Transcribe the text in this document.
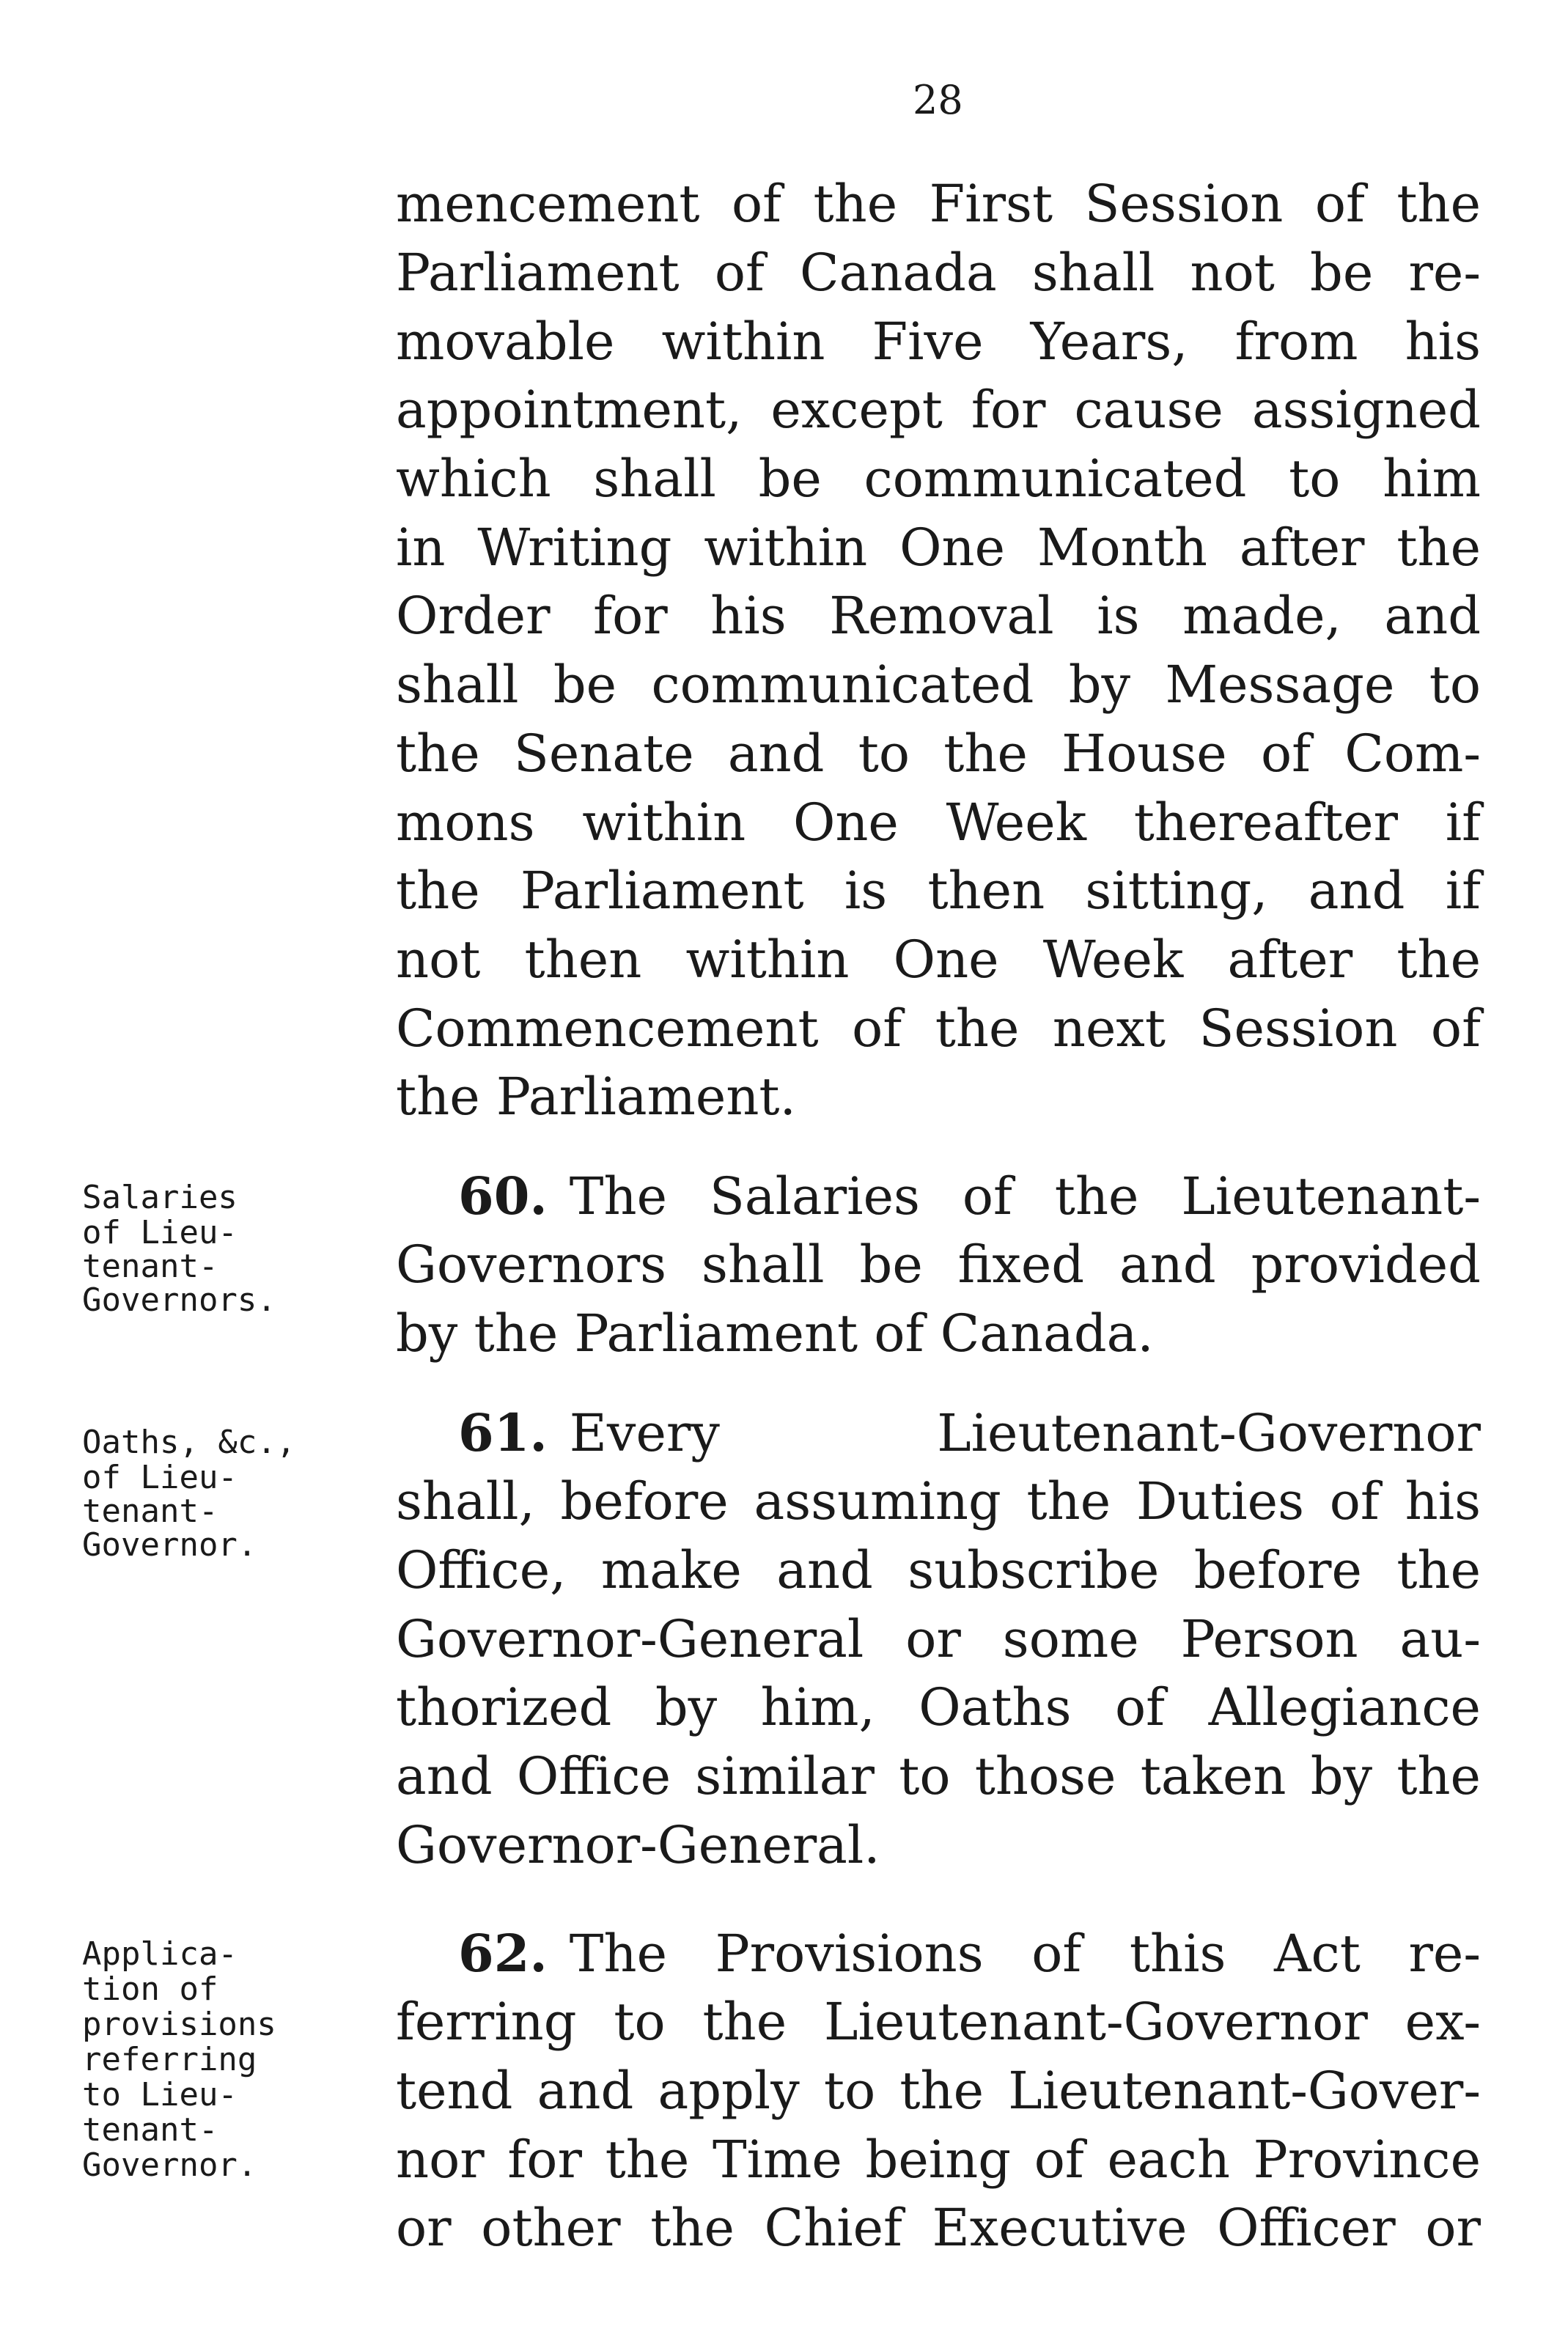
28
mencement of the First Session of the
Parliament of Canada shall not be re-
movable within Five Years, from his
appointment, except for cause assigned
which shall be communicated to him
in Writing within One Month after the
Order for his Removal is made, and
shall be communicated by Message to
the Senate and to the House of Com-
mons within One Week thereafter if
the Parliament is then sitting, and if
not then within One Week after the
Commencement of the next Session of
the Parliament.
Salaries
of Lieu-
tenant-
Governors.
60. The Salaries of the Lieutenant-
Governors shall be fixed and provided
by the Parliament of Canada.
Oaths, &c.,
of Lieu-
tenant-
Governor.
61. Every Lieutenant-Governor
shall, before assuming the Duties of his
Office, make and subscribe before the
Governor-General or some Person au-
thorized by him, Oaths of Allegiance
and Office similar to those taken by the
Governor-General.
Applica-
tion of
provisions
referring
to Lieu-
tenant-
Governor.
62. The Provisions of this Act re-
ferring to the Lieutenant-Governor ex-
tend and apply to the Lieutenant-Gover-
nor for the Time being of each Province
or other the Chief Executive Officer or
